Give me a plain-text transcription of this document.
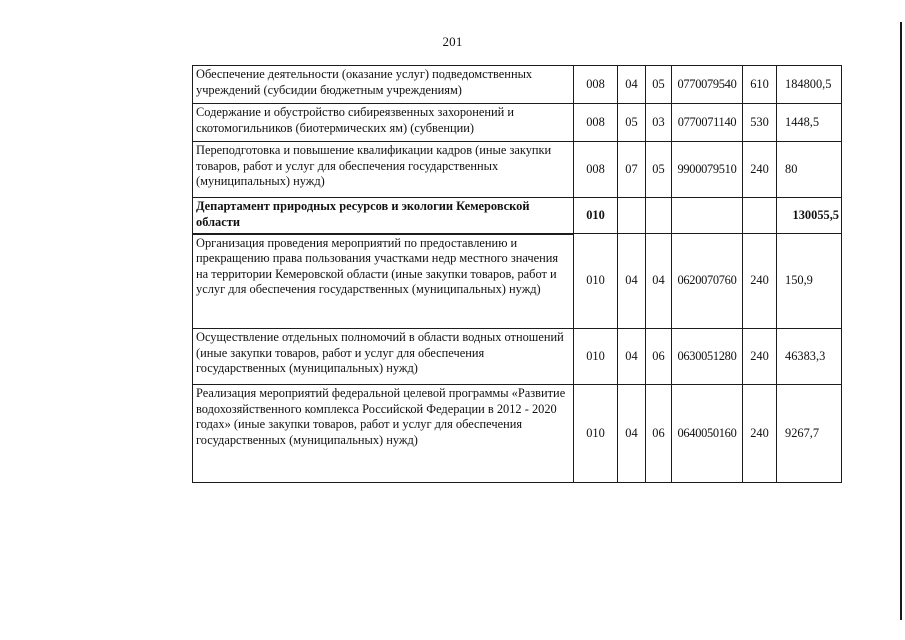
201
Обеспечение деятельности (оказание услуг) подведомственных учреждений (субсидии бюджетным учреждениям)	008	04	05	0770079540	610	184800,5
Содержание и обустройство сибиреязвенных захоронений и скотомогильников (биотермических ям) (субвенции)	008	05	03	0770071140	530	1448,5
Переподготовка и повышение квалификации кадров (иные закупки товаров, работ и услуг для обеспечения государственных (муниципальных) нужд)	008	07	05	9900079510	240	80
Департамент природных ресурсов и экологии Кемеровской области	010					130055,5
Организация проведения мероприятий по предоставлению и прекращению права пользования участками недр местного значения на территории Кемеровской области (иные закупки товаров, работ и услуг для обеспечения государственных (муниципальных) нужд)	010	04	04	0620070760	240	150,9
Осуществление отдельных полномочий в области водных отношений (иные закупки товаров, работ и услуг для обеспечения государственных (муниципальных) нужд)	010	04	06	0630051280	240	46383,3
Реализация мероприятий федеральной целевой программы «Развитие водохозяйственного комплекса Российской Федерации в 2012 - 2020 годах» (иные закупки товаров, работ и услуг для обеспечения государственных (муниципальных) нужд)	010	04	06	0640050160	240	9267,7
